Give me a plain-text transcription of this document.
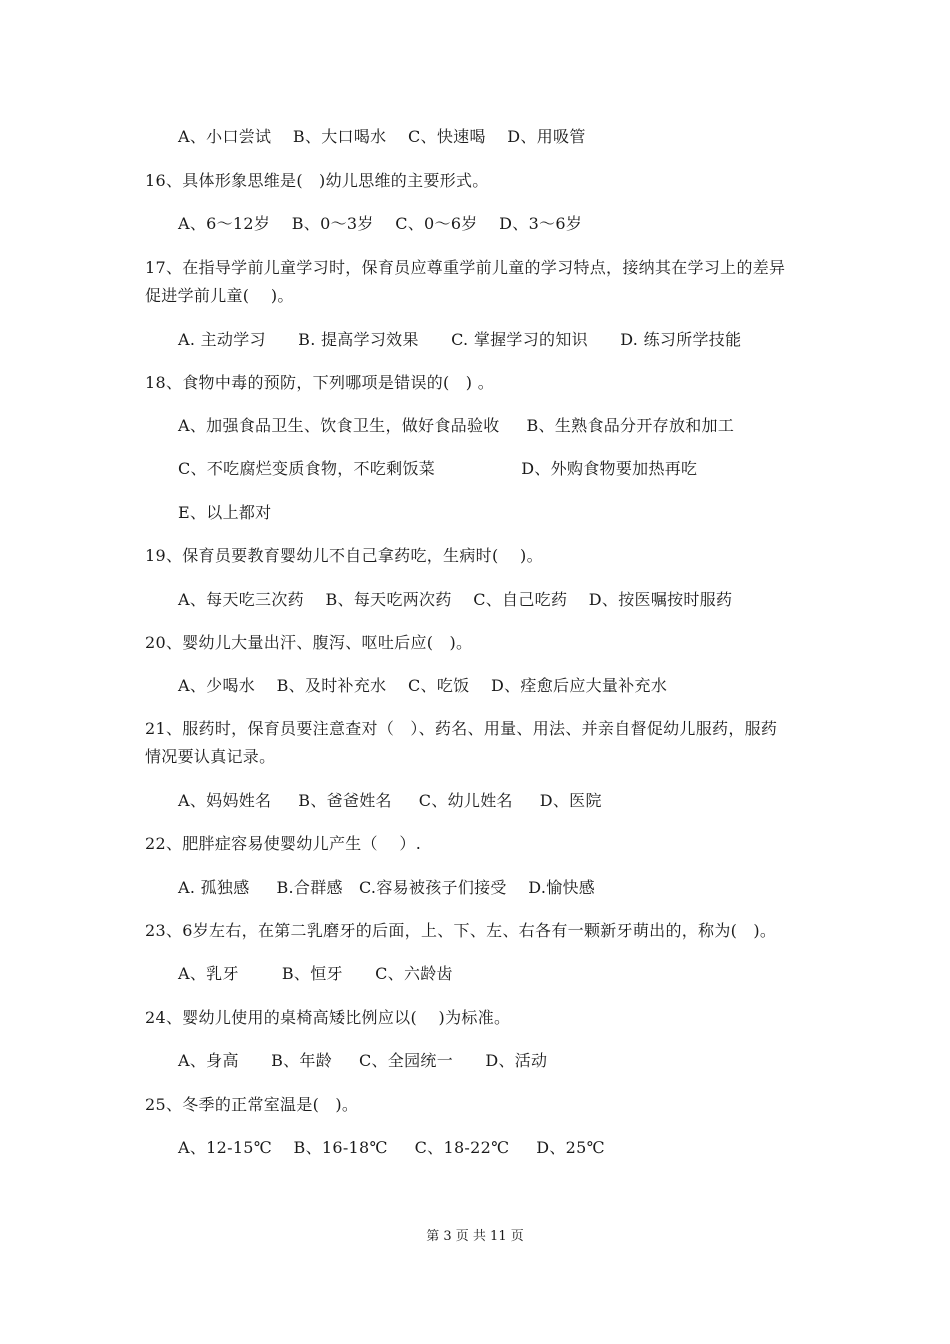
A、小口尝试    B、大口喝水    C、快速喝    D、用吸管
16、具体形象思维是(   )幼儿思维的主要形式。
A、6～12岁    B、0～3岁    C、0～6岁    D、3～6岁
17、在指导学前儿童学习时，保育员应尊重学前儿童的学习特点，接纳其在学习上的差异
促进学前儿童(    )。
A. 主动学习      B. 提高学习效果      C. 掌握学习的知识      D. 练习所学技能
18、食物中毒的预防，下列哪项是错误的(   ) 。
A、加强食品卫生、饮食卫生，做好食品验收     B、生熟食品分开存放和加工
C、不吃腐烂变质食物，不吃剩饭菜                D、外购食物要加热再吃
E、以上都对
19、保育员要教育婴幼儿不自己拿药吃，生病时(    )。
A、每天吃三次药    B、每天吃两次药    C、自己吃药    D、按医嘱按时服药
20、婴幼儿大量出汗、腹泻、呕吐后应(   )。
A、少喝水    B、及时补充水    C、吃饭    D、痊愈后应大量补充水
21、服药时，保育员要注意查对（   ）、药名、用量、用法、并亲自督促幼儿服药，服药
情况要认真记录。
A、妈妈姓名     B、爸爸姓名     C、幼儿姓名     D、医院
22、肥胖症容易使婴幼儿产生（    ）.
A. 孤独感     B.合群感   C.容易被孩子们接受    D.愉快感
23、6岁左右，在第二乳磨牙的后面，上、下、左、右各有一颗新牙萌出的，称为(   )。
A、乳牙        B、恒牙      C、六龄齿
24、婴幼儿使用的桌椅高矮比例应以(    )为标准。
A、身高      B、年龄     C、全园统一      D、活动
25、冬季的正常室温是(   )。
A、12-15℃    B、16-18℃     C、18-22℃     D、25℃
第 3 页 共 11 页
